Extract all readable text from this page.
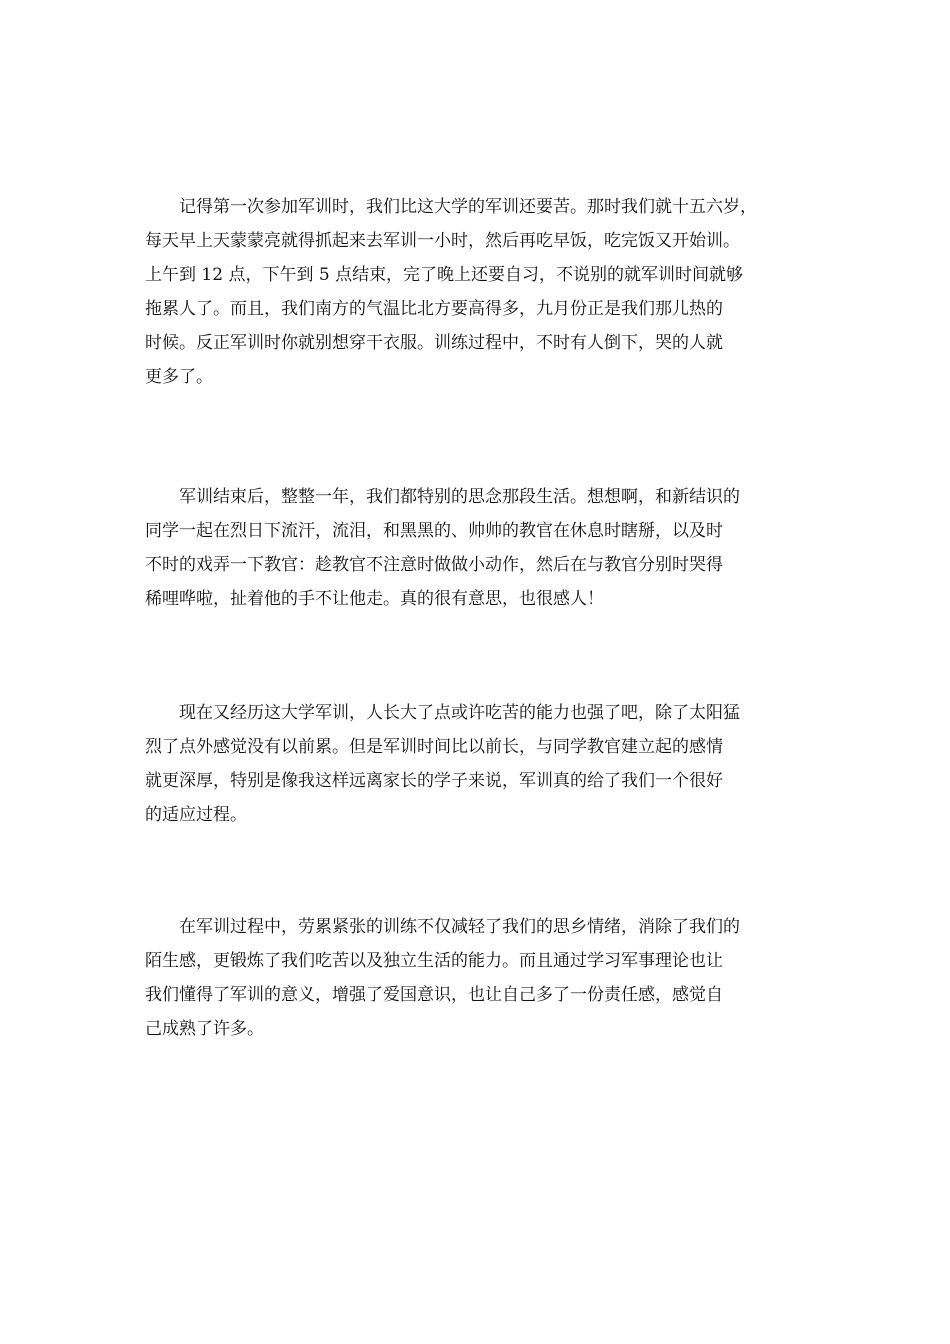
　　记得第一次参加军训时，我们比这大学的军训还要苦。那时我们就十五六岁，
每天早上天蒙蒙亮就得抓起来去军训一小时，然后再吃早饭，吃完饭又开始训。
上午到 12 点，下午到 5 点结束，完了晚上还要自习，不说别的就军训时间就够
拖累人了。而且，我们南方的气温比北方要高得多，九月份正是我们那儿热的
时候。反正军训时你就别想穿干衣服。训练过程中，不时有人倒下，哭的人就
更多了。
　　军训结束后，整整一年，我们都特别的思念那段生活。想想啊，和新结识的
同学一起在烈日下流汗，流泪，和黑黑的、帅帅的教官在休息时瞎掰，以及时
不时的戏弄一下教官：趁教官不注意时做做小动作，然后在与教官分别时哭得
稀哩哗啦，扯着他的手不让他走。真的很有意思，也很感人！
　　现在又经历这大学军训，人长大了点或许吃苦的能力也强了吧，除了太阳猛
烈了点外感觉没有以前累。但是军训时间比以前长，与同学教官建立起的感情
就更深厚，特别是像我这样远离家长的学子来说，军训真的给了我们一个很好
的适应过程。
　　在军训过程中，劳累紧张的训练不仅减轻了我们的思乡情绪，消除了我们的
陌生感，更锻炼了我们吃苦以及独立生活的能力。而且通过学习军事理论也让
我们懂得了军训的意义，增强了爱国意识，也让自己多了一份责任感，感觉自
己成熟了许多。
